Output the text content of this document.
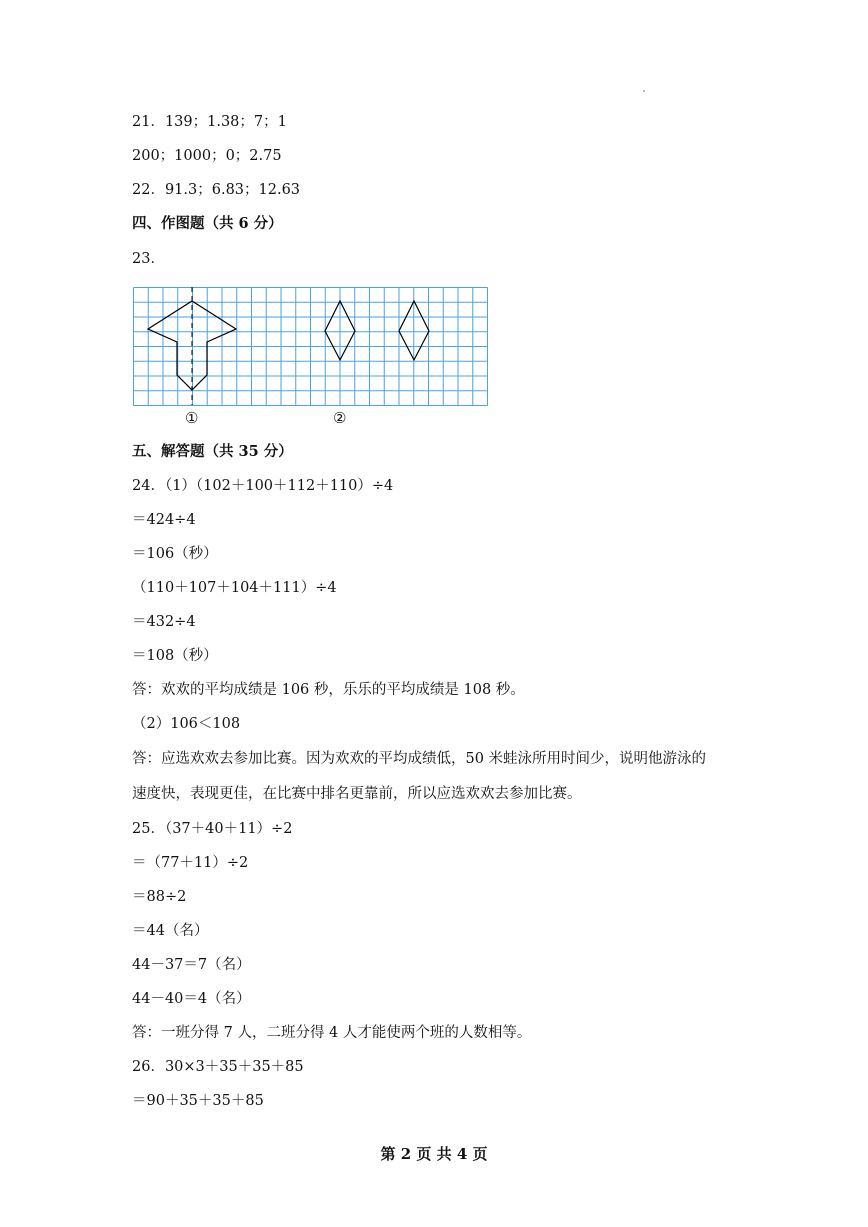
21．139；1.38；7；1
200；1000；0；2.75
22．91.3；6.83；12.63
四、作图题（共 6 分）
23．
①	②
五、解答题（共 35 分）
24．（1）（102＋100＋112＋110）÷4
＝424÷4
＝106（秒）
（110＋107＋104＋111）÷4
＝432÷4
＝108（秒）
答：欢欢的平均成绩是 106 秒，乐乐的平均成绩是 108 秒。
（2）106＜108
答：应选欢欢去参加比赛。因为欢欢的平均成绩低，50 米蛙泳所用时间少，说明他游泳的
速度快，表现更佳，在比赛中排名更靠前，所以应选欢欢去参加比赛。
25．（37＋40＋11）÷2
＝（77＋11）÷2
＝88÷2
＝44（名）
44－37＝7（名）
44－40＝4（名）
答：一班分得 7 人，二班分得 4 人才能使两个班的人数相等。
26．30×3＋35＋35＋85
＝90＋35＋35＋85
第 2 页 共 4 页
